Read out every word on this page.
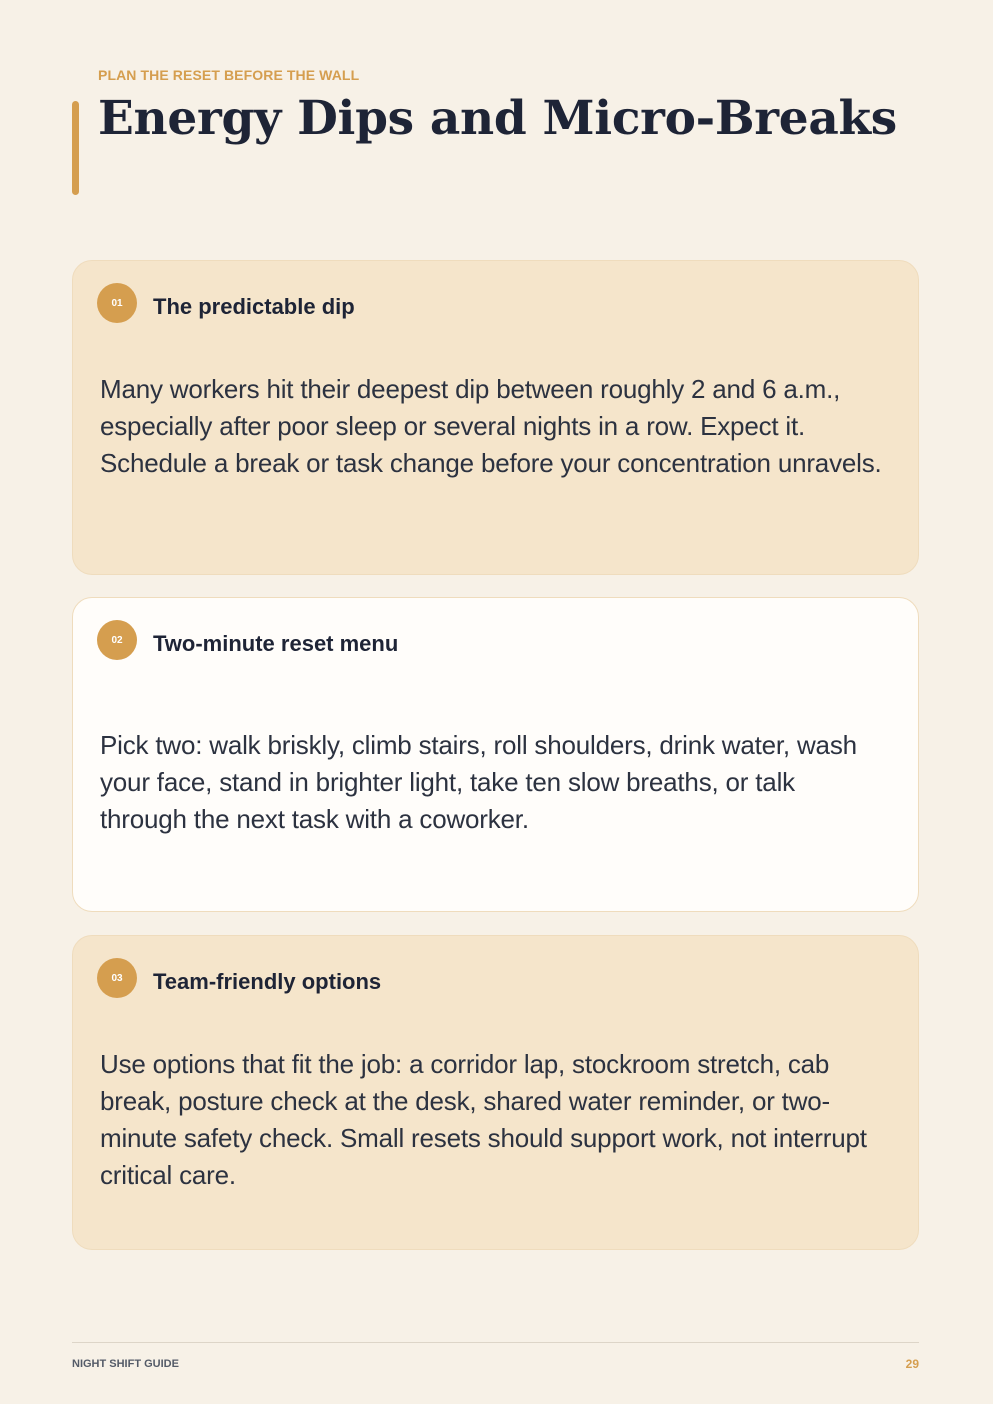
PLAN THE RESET BEFORE THE WALL
Energy Dips and Micro-Breaks
01	The predictable dip

Many workers hit their deepest dip between roughly 2 and 6 a.m., especially after poor sleep or several nights in a row. Expect it. Schedule a break or task change before your concentration unravels.

02	Two-minute reset menu

Pick two: walk briskly, climb stairs, roll shoulders, drink water, wash your face, stand in brighter light, take ten slow breaths, or talk through the next task with a coworker.

03	Team-friendly options

Use options that fit the job: a corridor lap, stockroom stretch, cab break, posture check at the desk, shared water reminder, or two-minute safety check. Small resets should support work, not interrupt critical care.

NIGHT SHIFT GUIDE	29
